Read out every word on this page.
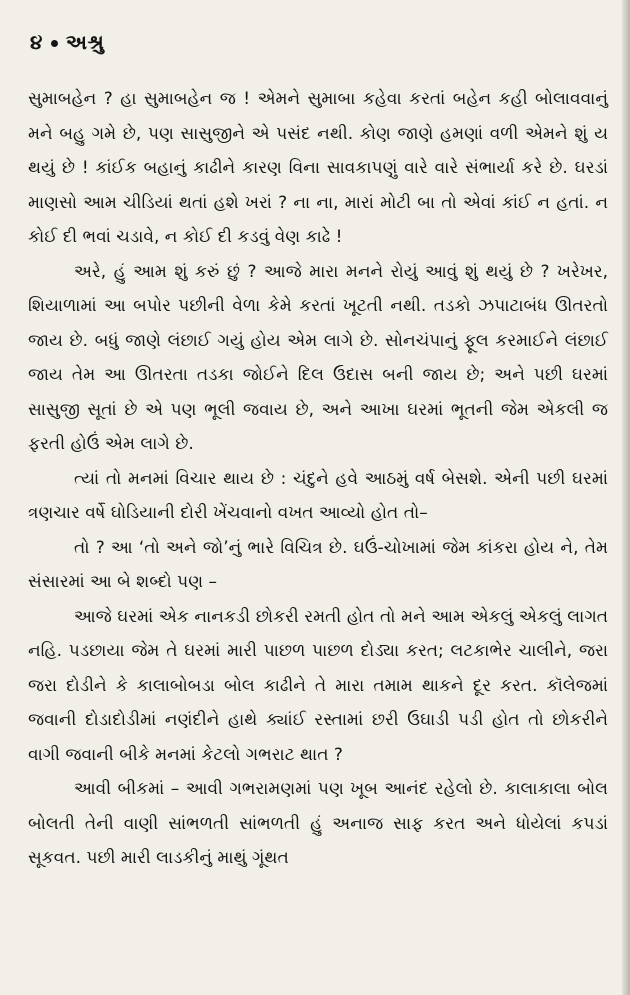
૪ અશ્રુ

સુમાબહેન ? હા સુમાબહેન જ ! એમને સુમાબા કહેવા કરતાં બહેન કહી બોલાવવાનું મને બહુ ગમે છે, પણ સાસુજીને એ પસંદ નથી. કોણ જાણે હમણાં વળી એમને શું ય થયું છે ! કાંઈક બહાનું કાઢીને કારણ વિના સાવકાપણું વારે વારે સંભાર્યા કરે છે. ઘરડાં માણસો આમ ચીડિયાં થતાં હશે ખરાં ? ના ના, મારાં મોટી બા તો એવાં કાંઈ ન હતાં. ન કોઈ દી ભવાં ચડાવે, ન કોઈ દી કડવું વેણ કાઢે !

અરે, હું આમ શું કરું છું ? આજે મારા મનને રોયું આવું શું થયું છે ? ખરેખર, શિયાળામાં આ બપોર પછીની વેળા કેમે કરતાં ખૂટતી નથી. તડકો ઝપાટાબંધ ઊતરતો જાય છે. બધું જાણે લંછાઈ ગયું હોય એમ લાગે છે. સોનચંપાનું ફૂલ કરમાઈને લંછાઈ જાય તેમ આ ઊતરતા તડકા જોઈને દિલ ઉદાસ બની જાય છે; અને પછી ઘરમાં સાસુજી સૂતાં છે એ પણ ભૂલી જવાય છે, અને આખા ઘરમાં ભૂતની જેમ એકલી જ ફરતી હોઉં એમ લાગે છે.

ત્યાં તો મનમાં વિચાર થાય છે : ચંદુને હવે આઠમું વર્ષ બેસશે. એની પછી ઘરમાં ત્રણચાર વર્ષે ઘોડિયાની દોરી ખેંચવાનો વખત આવ્યો હોત તો–

તો ? આ ‘તો અને જો’નું ભારે વિચિત્ર છે. ઘઉં-ચોખામાં જેમ કાંકરા હોય ને, તેમ સંસારમાં આ બે શબ્દો પણ –

આજે ઘરમાં એક નાનકડી છોકરી રમતી હોત તો મને આમ એકલું એકલું લાગત નહિ. પડછાયા જેમ તે ઘરમાં મારી પાછળ પાછળ દોડ્યા કરત; લટકાભેર ચાલીને, જરા જરા દોડીને કે કાલાબોબડા બોલ કાઢીને તે મારા તમામ થાકને દૂર કરત. કૉલેજમાં જવાની દોડાદોડીમાં નણંદીને હાથે ક્યાંઈ રસ્તામાં છરી ઉઘાડી પડી હોત તો છોકરીને વાગી જવાની બીકે મનમાં કેટલો ગભરાટ થાત ?

આવી બીકમાં – આવી ગભરામણમાં પણ ખૂબ આનંદ રહેલો છે. કાલાકાલા બોલ બોલતી તેની વાણી સાંભળતી સાંભળતી હું અનાજ સાફ કરત અને ધોયેલાં કપડાં સૂકવત. પછી મારી લાડકીનું માથું ગૂંથત
